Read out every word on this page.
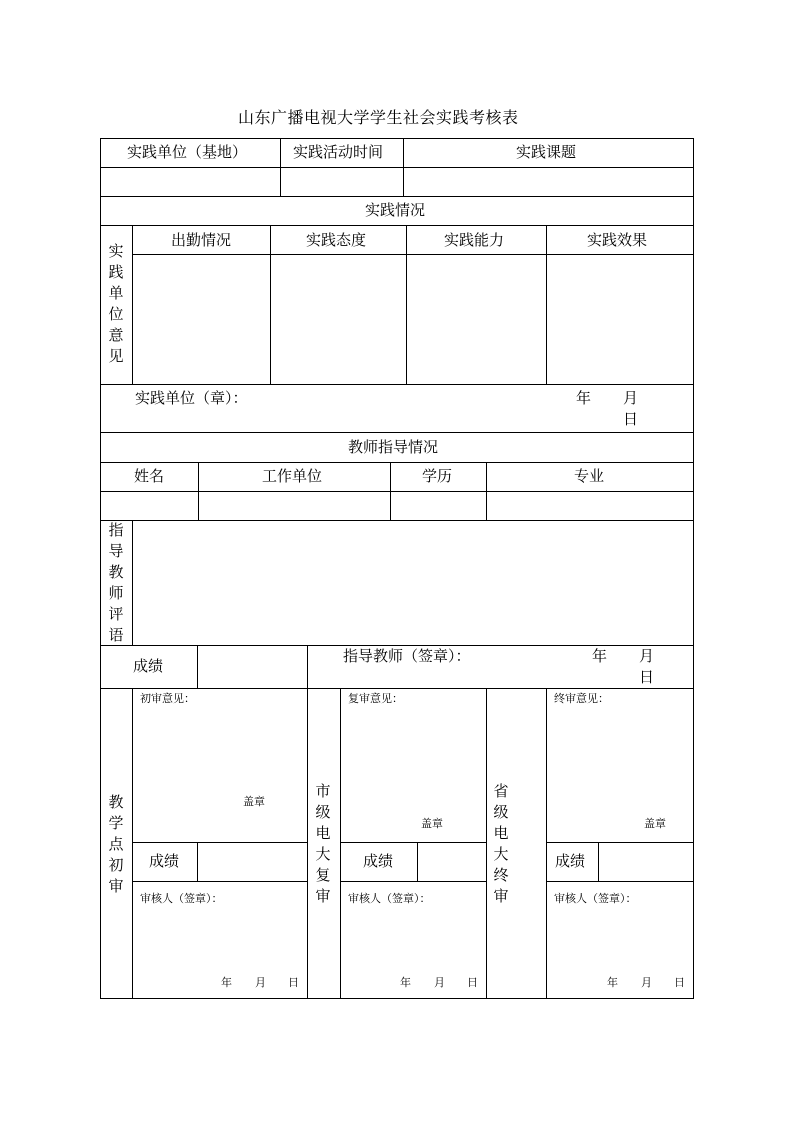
山东广播电视大学学生社会实践考核表
实践单位（基地）	实践活动时间	实践课题
实践情况
实
践
单
位
意
见
出勤情况	实践态度	实践能力	实践效果
实践单位（章）：	年 月
日
教师指导情况
姓名	工作单位	学历	专业
指
导
教
师
评
语
成绩
指导教师（签章）：	年 月
日
教
学
点
初
审
初审意见：
盖章
成绩
审核人（签章）：
年 月 日
市
级
电
大
复
审
复审意见：
盖章
成绩
审核人（签章）：
年 月 日
省
级
电
大
终
审
终审意见：
盖章
成绩
审核人（签章）：
年 月 日
